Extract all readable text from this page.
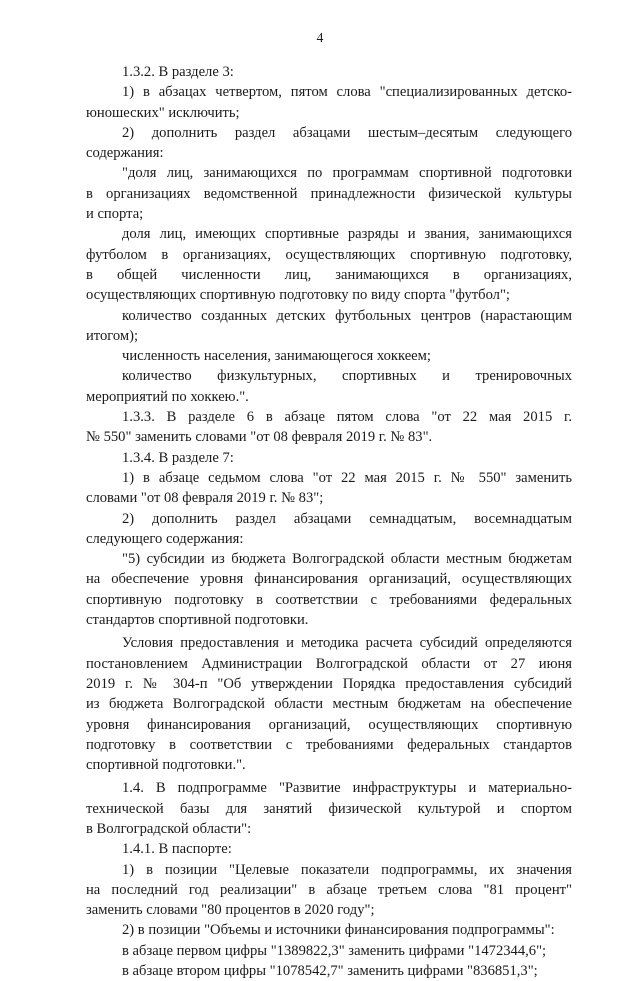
4
1.3.2. В разделе 3:
1) в абзацах четвертом, пятом слова "специализированных детско-
юношеских" исключить;
2) дополнить раздел абзацами шестым–десятым следующего
содержания:
"доля лиц, занимающихся по программам спортивной подготовки
в организациях ведомственной принадлежности физической культуры
и спорта;
доля лиц, имеющих спортивные разряды и звания, занимающихся
футболом в организациях, осуществляющих спортивную подготовку,
в общей численности лиц, занимающихся в организациях,
осуществляющих спортивную подготовку по виду спорта "футбол";
количество созданных детских футбольных центров (нарастающим
итогом);
численность населения, занимающегося хоккеем;
количество физкультурных, спортивных и тренировочных
мероприятий по хоккею.".
1.3.3. В разделе 6 в абзаце пятом слова "от 22 мая 2015 г.
№ 550" заменить словами "от 08 февраля 2019 г. № 83".
1.3.4. В разделе 7:
1) в абзаце седьмом слова "от 22 мая 2015 г. № 550" заменить
словами "от 08 февраля 2019 г. № 83";
2) дополнить раздел абзацами семнадцатым, восемнадцатым
следующего содержания:
"5) субсидии из бюджета Волгоградской области местным бюджетам
на обеспечение уровня финансирования организаций, осуществляющих
спортивную подготовку в соответствии с требованиями федеральных
стандартов спортивной подготовки.
Условия предоставления и методика расчета субсидий определяются
постановлением Администрации Волгоградской области от 27 июня
2019 г. № 304-п "Об утверждении Порядка предоставления субсидий
из бюджета Волгоградской области местным бюджетам на обеспечение
уровня финансирования организаций, осуществляющих спортивную
подготовку в соответствии с требованиями федеральных стандартов
спортивной подготовки.".
1.4. В подпрограмме "Развитие инфраструктуры и материально-
технической базы для занятий физической культурой и спортом
в Волгоградской области":
1.4.1. В паспорте:
1) в позиции "Целевые показатели подпрограммы, их значения
на последний год реализации" в абзаце третьем слова "81 процент"
заменить словами "80 процентов в 2020 году";
2) в позиции "Объемы и источники финансирования подпрограммы":
в абзаце первом цифры "1389822,3" заменить цифрами "1472344,6";
в абзаце втором цифры "1078542,7" заменить цифрами "836851,3";
